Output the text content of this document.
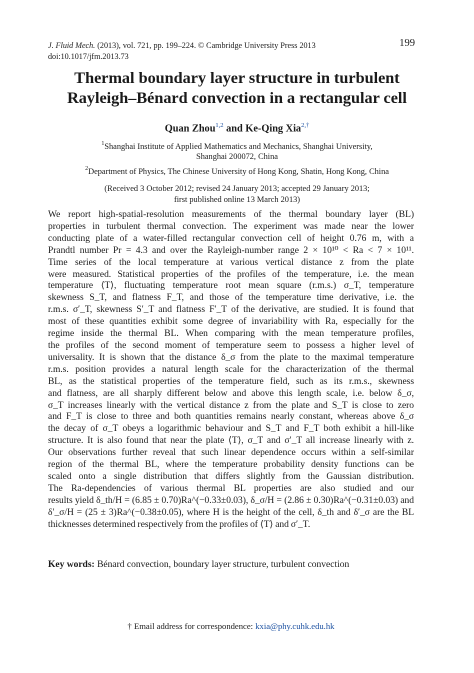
J. Fluid Mech. (2013), vol. 721, pp. 199–224. © Cambridge University Press 2013
doi:10.1017/jfm.2013.73
199
Thermal boundary layer structure in turbulent
Rayleigh–Bénard convection in a rectangular cell
Quan Zhou$^{1,2}$ and Ke-Qing Xia$^{2,\dagger}$
$^1$Shanghai Institute of Applied Mathematics and Mechanics, Shanghai University,
Shanghai 200072, China
$^2$Department of Physics, The Chinese University of Hong Kong, Shatin, Hong Kong, China
(Received 3 October 2012; revised 24 January 2013; accepted 29 January 2013;
first published online 13 March 2013)
We report high-spatial-resolution measurements of the thermal boundary layer (BL)
properties in turbulent thermal convection. The experiment was made near the lower
conducting plate of a water-filled rectangular convection cell of height 0.76 m, with a
Prandtl number Pr = 4.3 and over the Rayleigh-number range 2 × 10¹⁰ < Ra < 7 × 10¹¹.
Time series of the local temperature at various vertical distance z from the plate
were measured. Statistical properties of the profiles of the temperature, i.e. the mean
temperature ⟨T⟩, fluctuating temperature root mean square (r.m.s.) σ_T, temperature
skewness S_T, and flatness F_T, and those of the temperature time derivative, i.e. the
r.m.s. σ′_T, skewness S′_T and flatness F′_T of the derivative, are studied. It is found that
most of these quantities exhibit some degree of invariability with Ra, especially for the
regime inside the thermal BL. When comparing with the mean temperature profiles,
the profiles of the second moment of temperature seem to possess a higher level of
universality. It is shown that the distance δ_σ from the plate to the maximal temperature
r.m.s. position provides a natural length scale for the characterization of the thermal
BL, as the statistical properties of the temperature field, such as its r.m.s., skewness
and flatness, are all sharply different below and above this length scale, i.e. below δ_σ,
σ_T increases linearly with the vertical distance z from the plate and S_T is close to zero
and F_T is close to three and both quantities remains nearly constant, whereas above δ_σ
the decay of σ_T obeys a logarithmic behaviour and S_T and F_T both exhibit a hill-like
structure. It is also found that near the plate ⟨T⟩, σ_T and σ′_T all increase linearly with z.
Our observations further reveal that such linear dependence occurs within a self-similar
region of the thermal BL, where the temperature probability density functions can be
scaled onto a single distribution that differs slightly from the Gaussian distribution.
The Ra-dependencies of various thermal BL properties are also studied and our
results yield δ_th/H = (6.85 ± 0.70)Ra^(−0.33±0.03), δ_σ/H = (2.86 ± 0.30)Ra^(−0.31±0.03) and
δ′_σ/H = (25 ± 3)Ra^(−0.38±0.05), where H is the height of the cell, δ_th and δ′_σ are the BL
thicknesses determined respectively from the profiles of ⟨T⟩ and σ′_T.
Key words: Bénard convection, boundary layer structure, turbulent convection
† Email address for correspondence: kxia@phy.cuhk.edu.hk
